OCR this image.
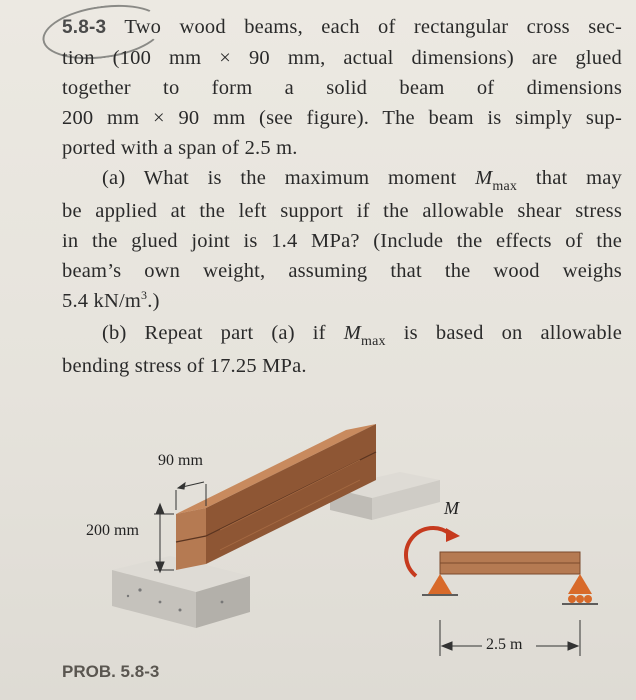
5.8-3 Two wood beams, each of rectangular cross sec-
tion (100 mm × 90 mm, actual dimensions) are glued
together to form a solid beam of dimensions
200 mm × 90 mm (see figure). The beam is simply sup-
ported with a span of 2.5 m.
(a) What is the maximum moment $M_{max}$ that may
be applied at the left support if the allowable shear stress
in the glued joint is 1.4 MPa? (Include the effects of the
beam’s own weight, assuming that the wood weighs
5.4 $kN/m^3$.)
(b) Repeat part (a) if $M_{max}$ is based on allowable
bending stress of 17.25 MPa.
90 mm
200 mm
M
2.5 m
PROB. 5.8-3
